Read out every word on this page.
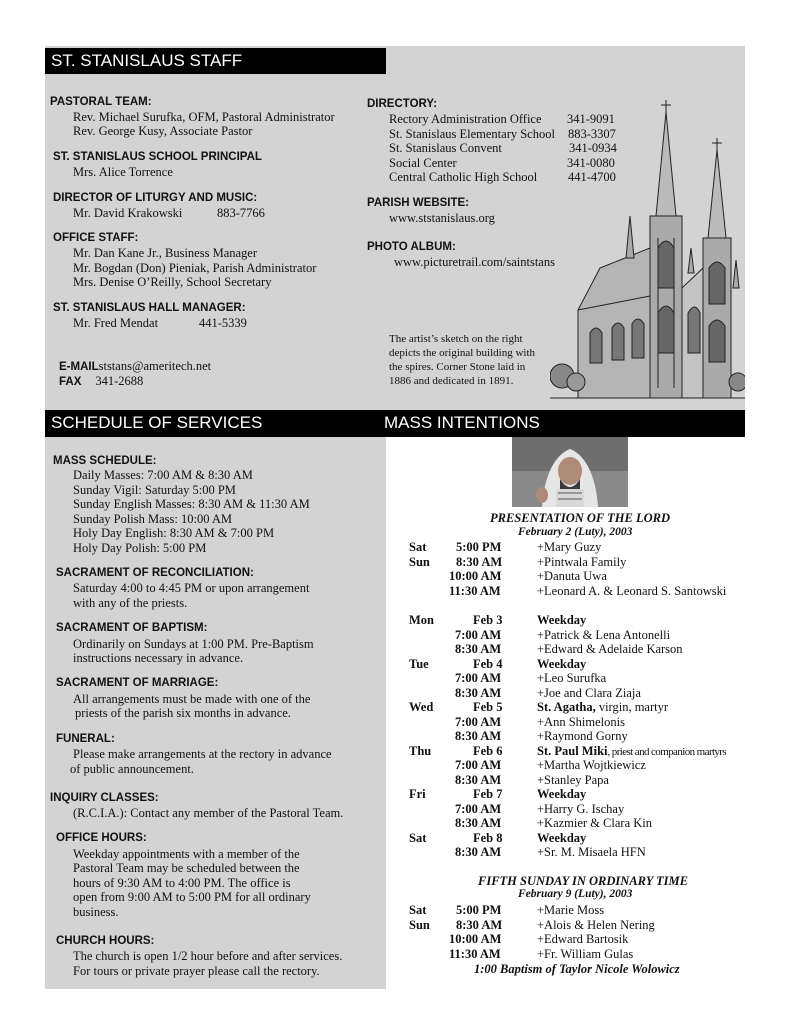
ST. STANISLAUS STAFF
SCHEDULE OF SERVICES	MASS INTENTIONS
PASTORAL TEAM:
Rev. Michael Surufka, OFM, Pastoral Administrator
Rev. George Kusy, Associate Pastor
ST. STANISLAUS SCHOOL PRINCIPAL
Mrs. Alice Torrence
DIRECTOR OF LITURGY AND MUSIC:
Mr. David Krakowski	883-7766
OFFICE STAFF:
Mr. Dan Kane Jr., Business Manager
Mr. Bogdan (Don) Pieniak, Parish Administrator
Mrs. Denise O’Reilly, School Secretary
ST. STANISLAUS HALL MANAGER:
Mr. Fred Mendat	441-5339
E-MAILststans@ameritech.net
FAX 341-2688
DIRECTORY:
Rectory Administration Office 341-9091
St. Stanislaus Elementary School 883-3307
St. Stanislaus Convent	341-0934
Social Center	341-0080
Central Catholic High School 441-4700
PARISH WEBSITE:
www.ststanislaus.org
PHOTO ALBUM:
www.picturetrail.com/saintstans
The artist’s sketch on the right depicts the original building with the spires. Corner Stone laid in 1886 and dedicated in 1891.
MASS SCHEDULE:
Daily Masses: 7:00 AM & 8:30 AM
Sunday Vigil: Saturday 5:00 PM
Sunday English Masses: 8:30 AM & 11:30 AM
Sunday Polish Mass: 10:00 AM
Holy Day English: 8:30 AM & 7:00 PM
Holy Day Polish: 5:00 PM
SACRAMENT OF RECONCILIATION:
Saturday 4:00 to 4:45 PM or upon arrangement
with any of the priests.
SACRAMENT OF BAPTISM:
Ordinarily on Sundays at 1:00 PM. Pre-Baptism
instructions necessary in advance.
SACRAMENT OF MARRIAGE:
All arrangements must be made with one of the
priests of the parish six months in advance.
FUNERAL:
Please make arrangements at the rectory in advance
of public announcement.
INQUIRY CLASSES:
(R.C.I.A.): Contact any member of the Pastoral Team.
OFFICE HOURS:
Weekday appointments with a member of the
Pastoral Team may be scheduled between the
hours of 9:30 AM to 4:00 PM. The office is
open from 9:00 AM to 5:00 PM for all ordinary
business.
CHURCH HOURS:
The church is open 1/2 hour before and after services.
For tours or private prayer please call the rectory.
PRESENTATION OF THE LORD
February 2 (Luty), 2003
Sat 5:00 PM	+Mary Guzy
Sun 8:30 AM	+Pintwala Family
10:00 AM	+Danuta Uwa
11:30 AM	+Leonard A. & Leonard S. Santowski
Mon	Feb 3	Weekday
7:00 AM	+Patrick & Lena Antonelli
8:30 AM	+Edward & Adelaide Karson
Tue	Feb 4	Weekday
7:00 AM	+Leo Surufka
8:30 AM	+Joe and Clara Ziaja
Wed	Feb 5	St. Agatha, virgin, martyr
7:00 AM	+Ann Shimelonis
8:30 AM	+Raymond Gorny
Thu	Feb 6	St. Paul Miki, priest and companion martyrs
7:00 AM	+Martha Wojtkiewicz
8:30 AM	+Stanley Papa
Fri	Feb 7	Weekday
7:00 AM	+Harry G. Ischay
8:30 AM	+Kazmier & Clara Kin
Sat	Feb 8	Weekday
8:30 AM	+Sr. M. Misaela HFN
Sat 5:00 PM	+Marie Moss
Sun 8:30 AM	+Alois & Helen Nering
10:00 AM	+Edward Bartosik
11:30 AM	+Fr. William Gulas
FIFTH SUNDAY IN ORDINARY TIME
February 9 (Luty), 2003
1:00 Baptism of Taylor Nicole Wolowicz
